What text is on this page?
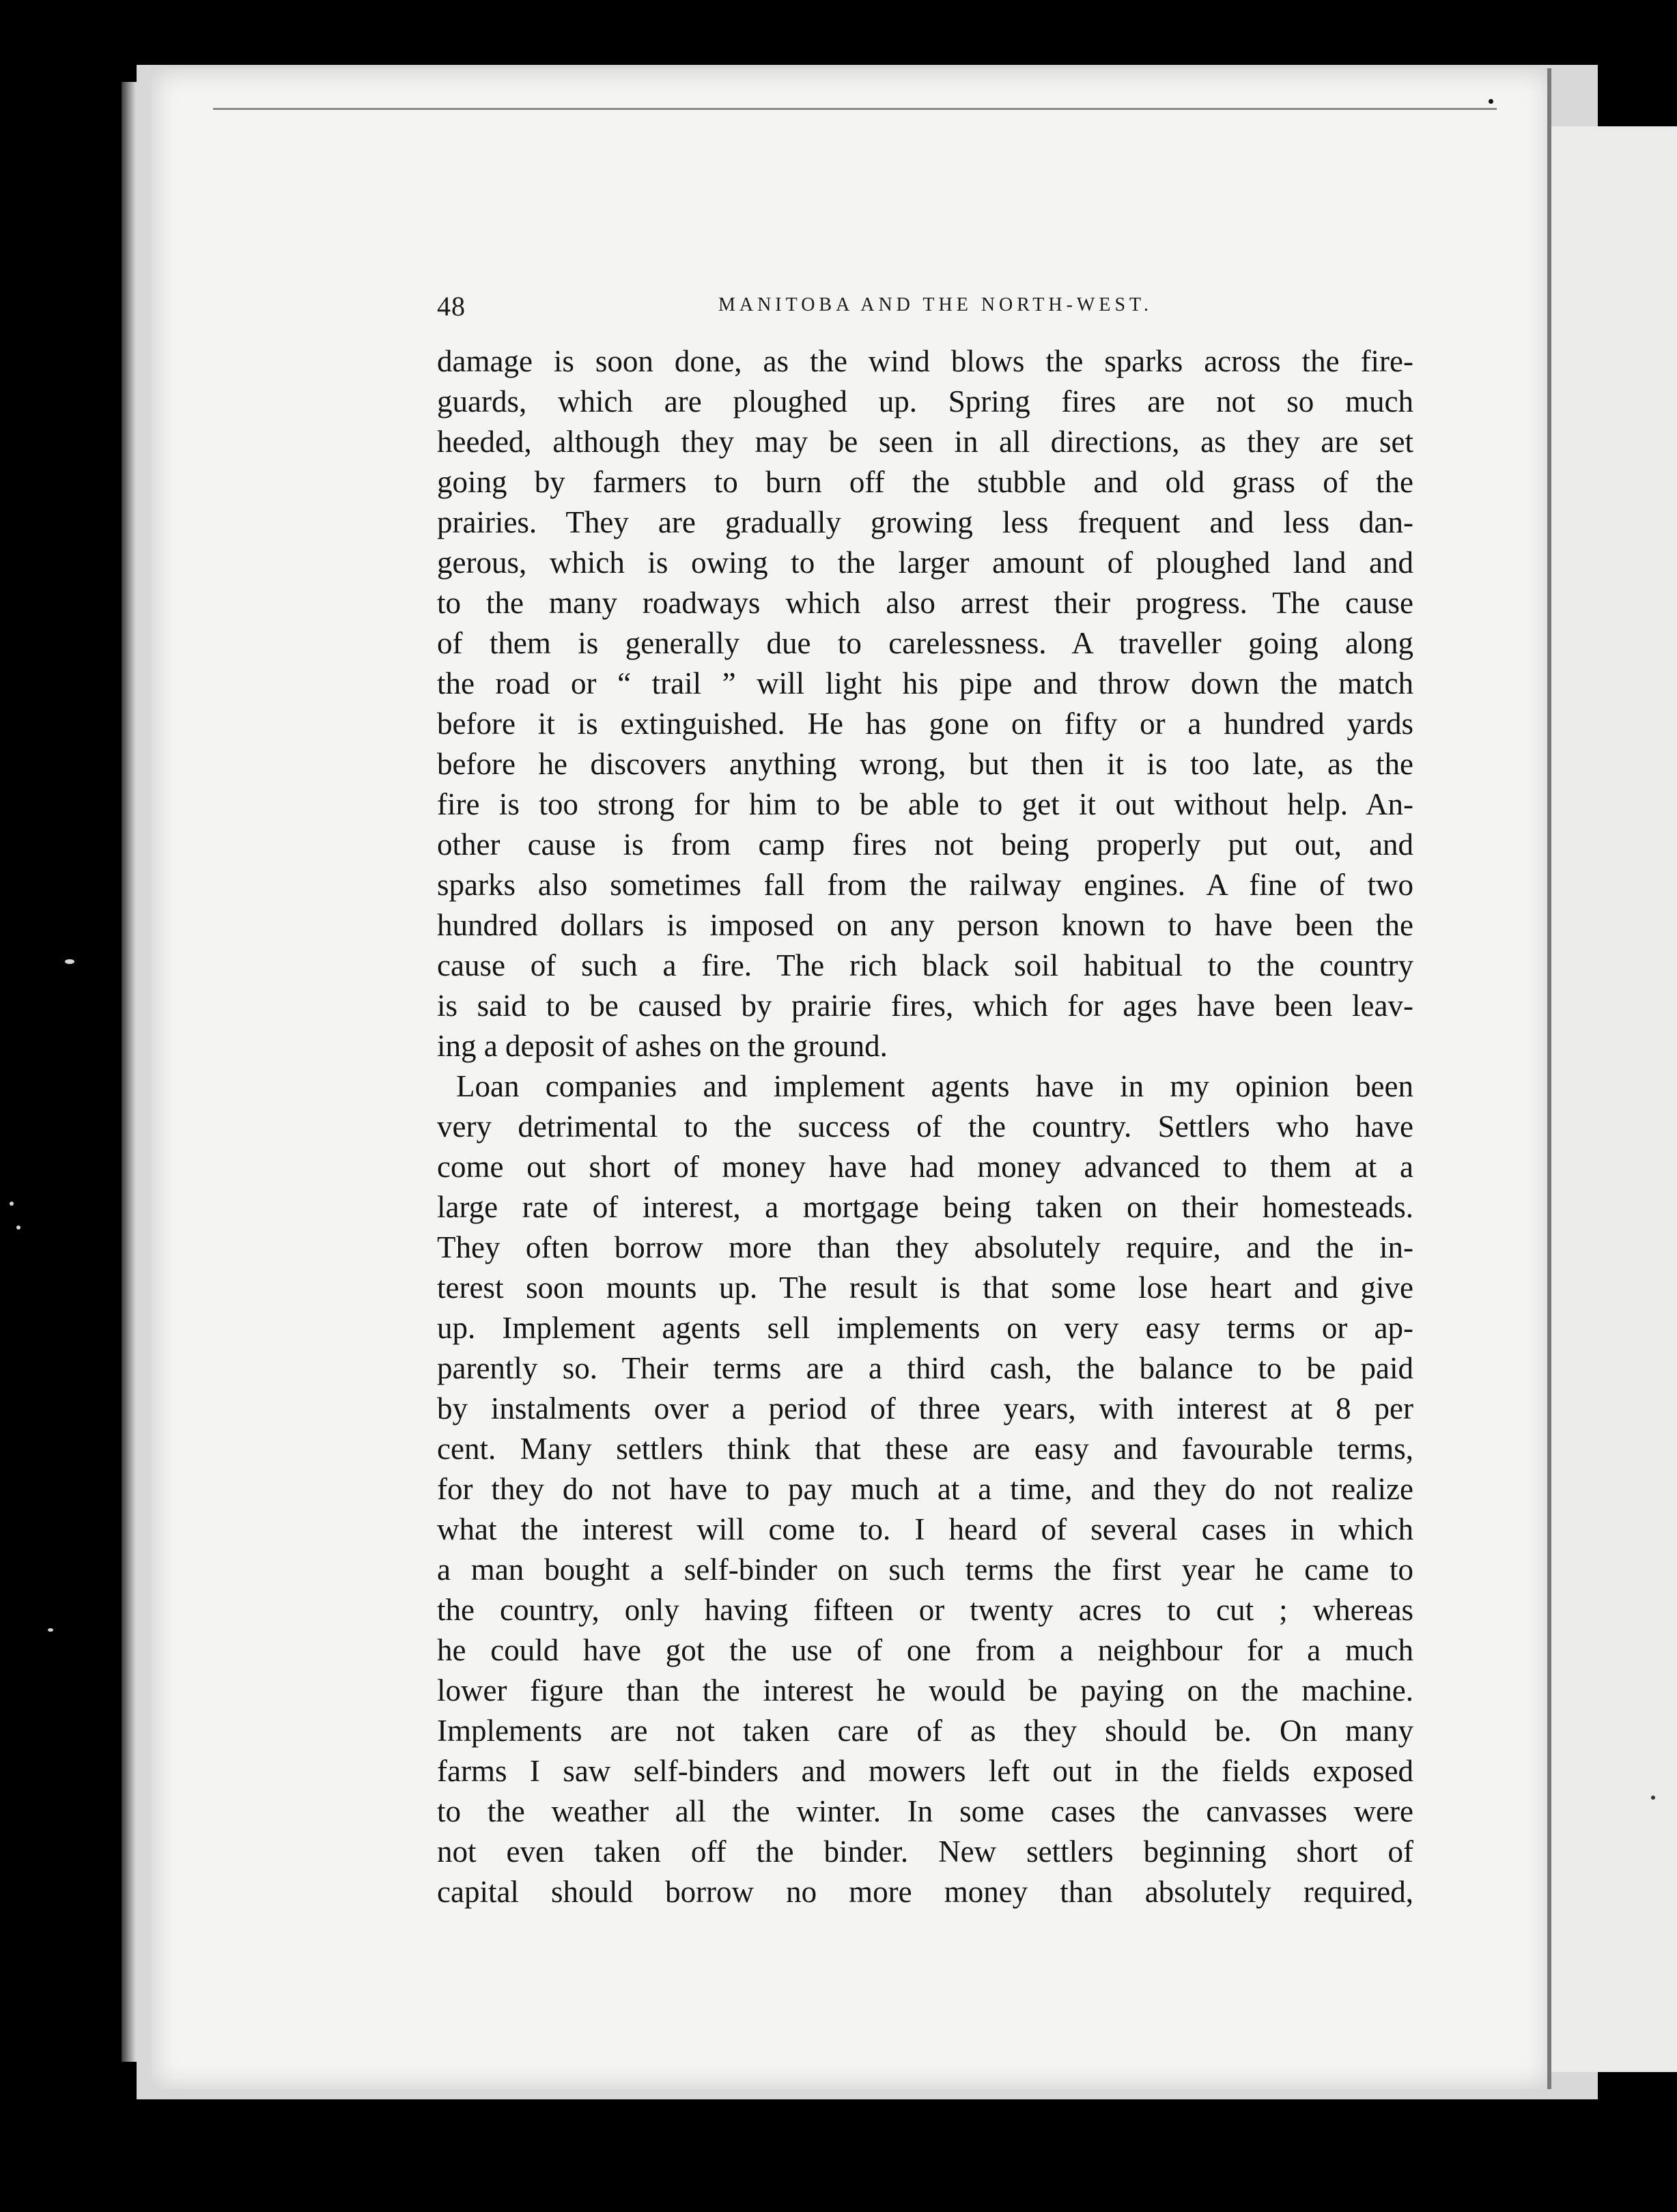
48	MANITOBA AND THE NORTH-WEST.
damage is soon done, as the wind blows the sparks across the fire-
guards, which are ploughed up. Spring fires are not so much
heeded, although they may be seen in all directions, as they are set
going by farmers to burn off the stubble and old grass of the
prairies. They are gradually growing less frequent and less dan-
gerous, which is owing to the larger amount of ploughed land and
to the many roadways which also arrest their progress. The cause
of them is generally due to carelessness. A traveller going along
the road or “ trail ” will light his pipe and throw down the match
before it is extinguished. He has gone on fifty or a hundred yards
before he discovers anything wrong, but then it is too late, as the
fire is too strong for him to be able to get it out without help. An-
other cause is from camp fires not being properly put out, and
sparks also sometimes fall from the railway engines. A fine of two
hundred dollars is imposed on any person known to have been the
cause of such a fire. The rich black soil habitual to the country
is said to be caused by prairie fires, which for ages have been leav-
ing a deposit of ashes on the ground.
Loan companies and implement agents have in my opinion been
very detrimental to the success of the country. Settlers who have
come out short of money have had money advanced to them at a
large rate of interest, a mortgage being taken on their homesteads.
They often borrow more than they absolutely require, and the in-
terest soon mounts up. The result is that some lose heart and give
up. Implement agents sell implements on very easy terms or ap-
parently so. Their terms are a third cash, the balance to be paid
by instalments over a period of three years, with interest at 8 per
cent. Many settlers think that these are easy and favourable terms,
for they do not have to pay much at a time, and they do not realize
what the interest will come to. I heard of several cases in which
a man bought a self-binder on such terms the first year he came to
the country, only having fifteen or twenty acres to cut ; whereas
he could have got the use of one from a neighbour for a much
lower figure than the interest he would be paying on the machine.
Implements are not taken care of as they should be. On many
farms I saw self-binders and mowers left out in the fields exposed
to the weather all the winter. In some cases the canvasses were
not even taken off the binder. New settlers beginning short of
capital should borrow no more money than absolutely required,
